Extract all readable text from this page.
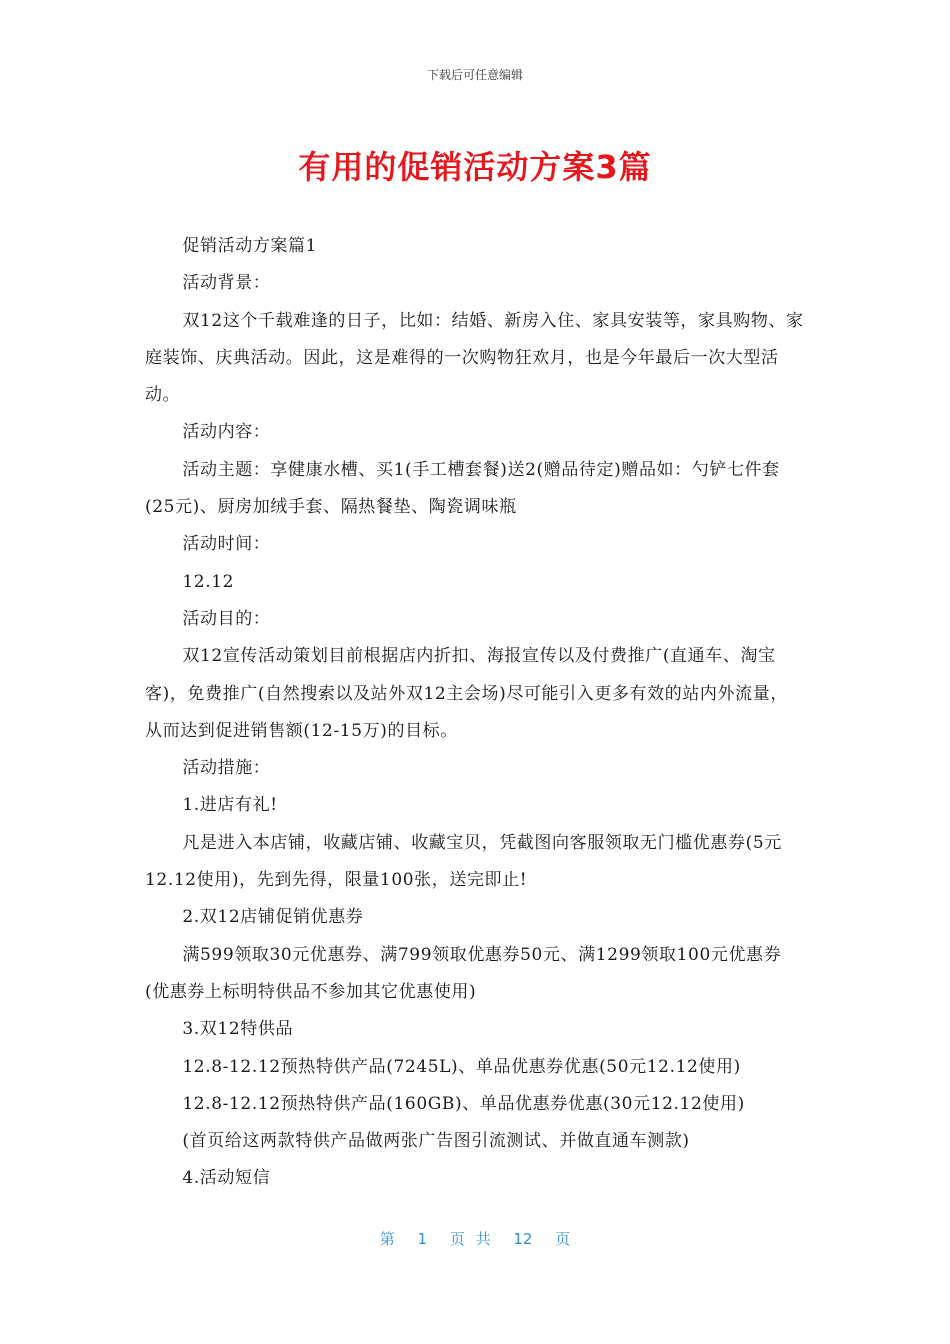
下载后可任意编辑
有用的促销活动方案3篇

促销活动方案篇1

活动背景：

双12这个千载难逢的日子，比如：结婚、新房入住、家具安装等，家具购物、家庭装饰、庆典活动。因此，这是难得的一次购物狂欢月，也是今年最后一次大型活动。

活动内容：

活动主题：享健康水槽、买1(手工槽套餐)送2(赠品待定)赠品如：勺铲七件套(25元)、厨房加绒手套、隔热餐垫、陶瓷调味瓶

活动时间：

12.12

活动目的：

双12宣传活动策划目前根据店内折扣、海报宣传以及付费推广(直通车、淘宝客)，免费推广(自然搜索以及站外双12主会场)尽可能引入更多有效的站内外流量，从而达到促进销售额(12-15万)的目标。

活动措施：

1.进店有礼!

凡是进入本店铺，收藏店铺、收藏宝贝，凭截图向客服领取无门槛优惠券(5元12.12使用)，先到先得，限量100张，送完即止!

2.双12店铺促销优惠券

满599领取30元优惠券、满799领取优惠券50元、满1299领取100元优惠券(优惠券上标明特供品不参加其它优惠使用)

3.双12特供品

12.8-12.12预热特供产品(7245L)、单品优惠券优惠(50元12.12使用)

12.8-12.12预热特供产品(160GB)、单品优惠券优惠(30元12.12使用)

(首页给这两款特供产品做两张广告图引流测试、并做直通车测款)

4.活动短信

第 1 页 共 12 页
